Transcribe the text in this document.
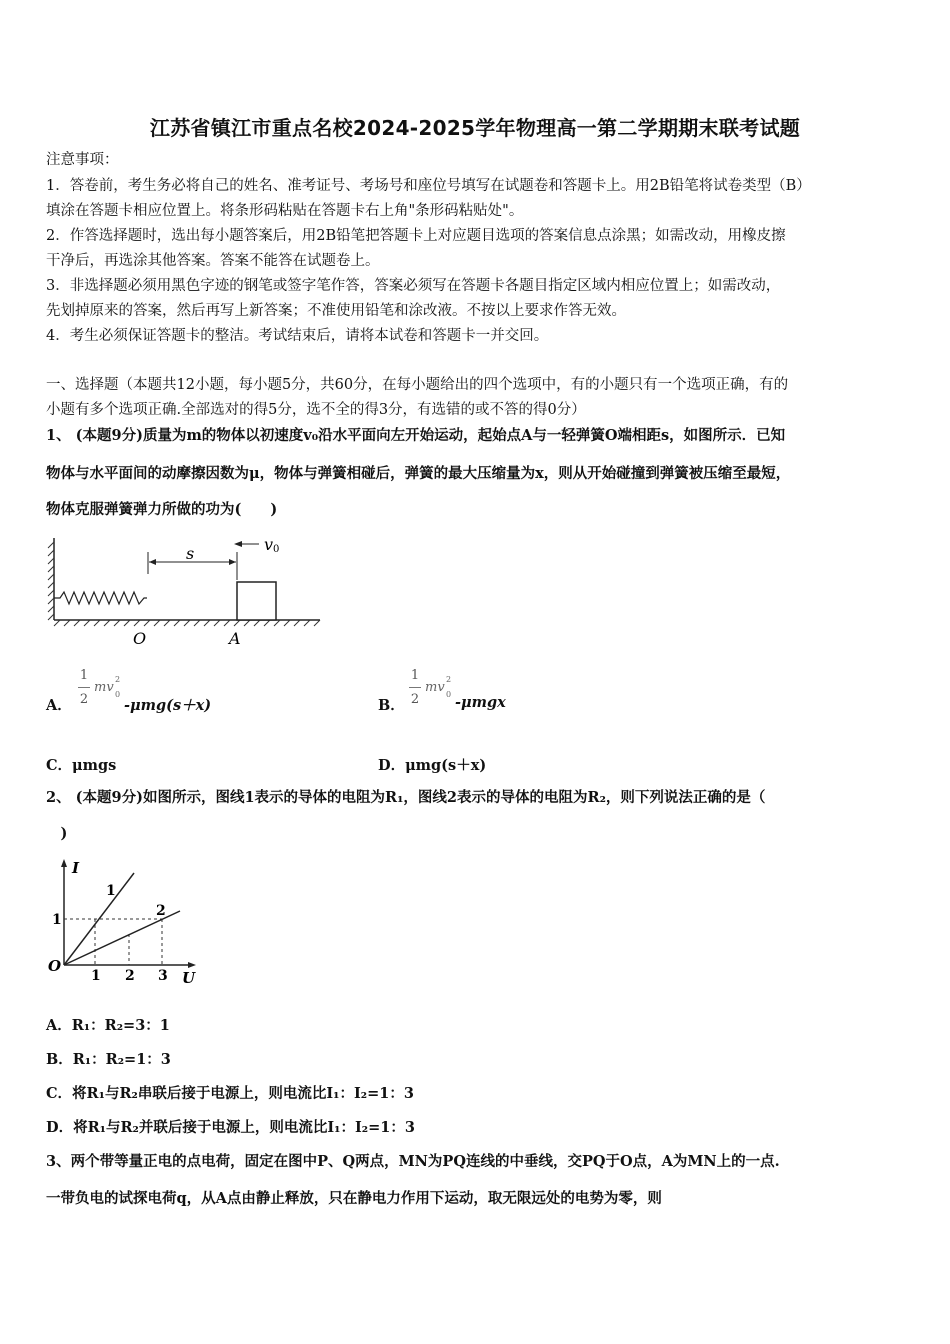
江苏省镇江市重点名校2024-2025学年物理高一第二学期期末联考试题
注意事项：
1．答卷前，考生务必将自己的姓名、准考证号、考场号和座位号填写在试题卷和答题卡上。用2B铅笔将试卷类型（B）
填涂在答题卡相应位置上。将条形码粘贴在答题卡右上角"条形码粘贴处"。
2．作答选择题时，选出每小题答案后，用2B铅笔把答题卡上对应题目选项的答案信息点涂黑；如需改动，用橡皮擦
干净后，再选涂其他答案。答案不能答在试题卷上。
3．非选择题必须用黑色字迹的钢笔或签字笔作答，答案必须写在答题卡各题目指定区域内相应位置上；如需改动，
先划掉原来的答案，然后再写上新答案；不准使用铅笔和涂改液。不按以上要求作答无效。
4．考生必须保证答题卡的整洁。考试结束后，请将本试卷和答题卡一并交回。
一、选择题（本题共12小题，每小题5分，共60分，在每小题给出的四个选项中，有的小题只有一个选项正确，有的
小题有多个选项正确.全部选对的得5分，选不全的得3分，有选错的或不答的得0分）
1、 (本题9分)质量为m的物体以初速度v₀沿水平面向左开始运动，起始点A与一轻弹簧O端相距s，如图所示．已知
物体与水平面间的动摩擦因数为μ，物体与弹簧相碰后，弹簧的最大压缩量为x，则从开始碰撞到弹簧被压缩至最短，
物体克服弹簧弹力所做的功为(　　)
s	v 0
O	A
A．
1
2
mv
2
0
-μmg(s＋x)	B．
1
2
mv
2
0 -μmgx
C．μmgs	D．μmg(s＋x)
2、 (本题9分)如图所示，图线1表示的导体的电阻为R₁，图线2表示的导体的电阻为R₂，则下列说法正确的是（
　)
I
U
O
1
2
1
1 2 3
A．R₁：R₂=3：1
B．R₁：R₂=1：3
C．将R₁与R₂串联后接于电源上，则电流比I₁：I₂=1：3
D．将R₁与R₂并联后接于电源上，则电流比I₁：I₂=1：3
3、两个带等量正电的点电荷，固定在图中P、Q两点，MN为PQ连线的中垂线，交PQ于O点，A为MN上的一点.
一带负电的试探电荷q，从A点由静止释放，只在静电力作用下运动，取无限远处的电势为零，则
